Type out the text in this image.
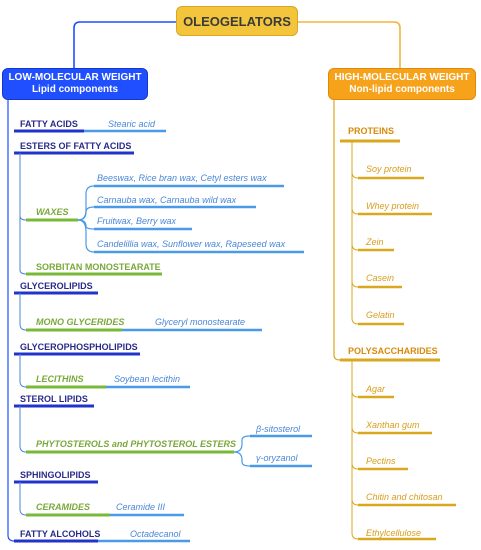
OLEOGELATORS
LOW-MOLECULAR WEIGHT
Lipid components
HIGH-MOLECULAR WEIGHT
Non-lipid components
FATTY ACIDS	Stearic acid
ESTERS OF FATTY ACIDS
WAXES
Beeswax, Rice bran wax, Cetyl esters wax
Carnauba wax, Carnauba wild wax
Fruitwax, Berry wax
Candelillia wax, Sunflower wax, Rapeseed wax
SORBITAN MONOSTEARATE
GLYCEROLIPIDS
MONO GLYCERIDES	Glyceryl monostearate
GLYCEROPHOSPHOLIPIDS
LECITHINS	Soybean lecithin
STEROL LIPIDS
PHYTOSTEROLS and PHYTOSTEROL ESTERS
β-sitosterol
γ-oryzanol
SPHINGOLIPIDS
CERAMIDES	Ceramide III
FATTY ALCOHOLS	Octadecanol
PROTEINS
Soy protein
Whey protein
Zein
Casein
Gelatin
POLYSACCHARIDES
Agar
Xanthan gum
Pectins
Chitin and chitosan
Ethylcellulose
